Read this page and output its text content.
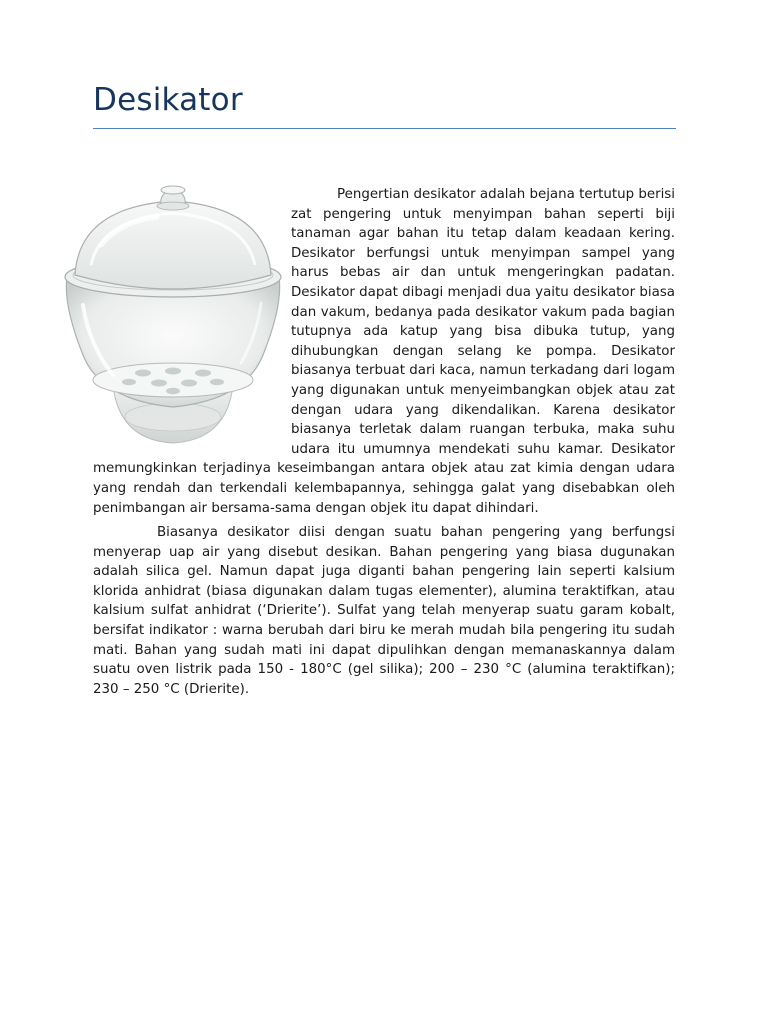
Desikator

Pengertian desikator adalah bejana tertutup berisi zat pengering untuk menyimpan bahan seperti biji tanaman agar bahan itu tetap dalam keadaan kering. Desikator berfungsi untuk menyimpan sampel yang harus bebas air dan untuk mengeringkan padatan. Desikator dapat dibagi menjadi dua yaitu desikator biasa dan vakum, bedanya pada desikator vakum pada bagian tutupnya ada katup yang bisa dibuka tutup, yang dihubungkan dengan selang ke pompa. Desikator biasanya terbuat dari kaca, namun terkadang dari logam yang digunakan untuk menyeimbangkan objek atau zat dengan udara yang dikendalikan. Karena desikator biasanya terletak dalam ruangan terbuka, maka suhu udara itu umumnya mendekati suhu kamar. Desikator memungkinkan terjadinya keseimbangan antara objek atau zat kimia dengan udara yang rendah dan terkendali kelembapannya, sehingga galat yang disebabkan oleh penimbangan air bersama-sama dengan objek itu dapat dihindari.

Biasanya desikator diisi dengan suatu bahan pengering yang berfungsi menyerap uap air yang disebut desikan. Bahan pengering yang biasa dugunakan adalah silica gel. Namun dapat juga diganti bahan pengering lain seperti kalsium klorida anhidrat (biasa digunakan dalam tugas elementer), alumina teraktifkan, atau kalsium sulfat anhidrat (‘Drierite’). Sulfat yang telah menyerap suatu garam kobalt, bersifat indikator : warna berubah dari biru ke merah mudah bila pengering itu sudah mati. Bahan yang sudah mati ini dapat dipulihkan dengan memanaskannya dalam suatu oven listrik pada 150 - 180°C (gel silika); 200 – 230 °C (alumina teraktifkan); 230 – 250 °C (Drierite).
